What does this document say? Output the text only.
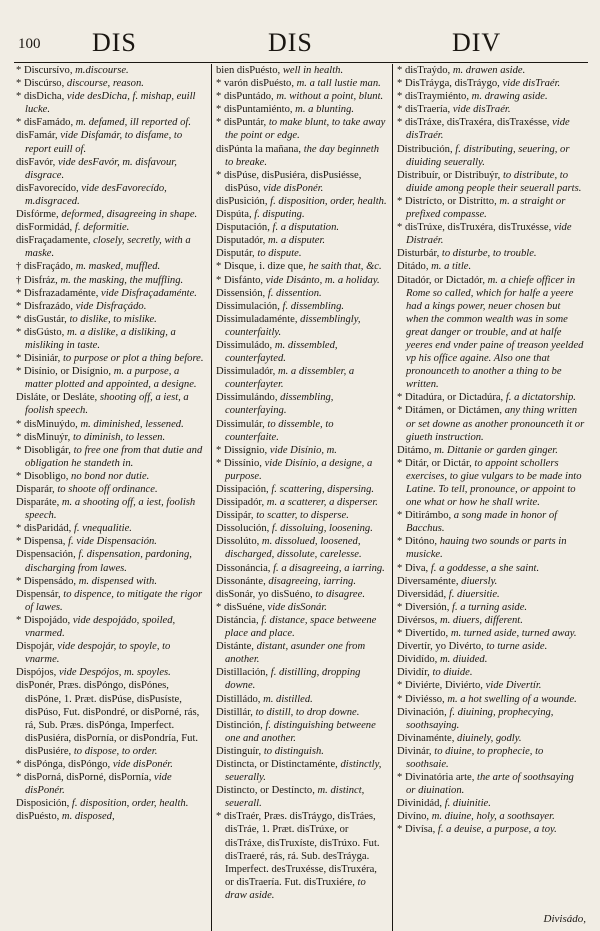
100 DIS	DIS	DIV

* Discursívo, m.discourse.

* Discúrso, discourse, reason.

* disDicha, vide desDicha, f. mishap, euill lucke.

* disFamádo, m. defamed, ill reported of.

disFamár, vide Disfamár, to disfame, to report euill of.

disFavór, vide desFavór, m. disfavour, disgrace.

disFavorecído, vide desFavorecído, m.disgraced.

Disfórme, deformed, disagreeing in shape.

disFormidád, f. deformitie.

disFraçadamente, closely, secretly, with a maske.

† disFraçádo, m. masked, muffled.

† Disfráz, m. the masking, the muffling.

* Disfrazadaménte, vide Disfraçadaménte.

* Disfrazádo, vide Disfraçádo.

* disGustár, to dislike, to mislike.

* disGústo, m. a dislike, a disliking, a misliking in taste.

* Disiniár, to purpose or plot a thing before.

* Disínio, or Disígnio, m. a purpose, a matter plotted and appointed, a designe.

Disláte, or Desláte, shooting off, a iest, a foolish speech.

* disMinuýdo, m. diminished, lessened.

* disMinuýr, to diminish, to lessen.

* Disobligár, to free one from that dutie and obligation he standeth in.

* Disobligo, no bond nor dutie.

Disparár, to shoote off ordinance.

Disparáte, m. a shooting off, a iest, foolish speech.

* disParidád, f. vnequalitie.

* Dispensa, f. vide Dispensación.

Dispensación, f. dispensation, pardoning, discharging from lawes.

* Dispensádo, m. dispensed with.

Dispensár, to dispence, to mitigate the rigor of lawes.

* Dispojádo, vide despojádo, spoiled, vnarmed.

Dispojár, vide despojár, to spoyle, to vnarme.

Dispójos, vide Despójos, m. spoyles.

disPonér, Præs. disPóngo, disPónes, disPóne, 1. Præt. disPúse, disPusíste, disPúso, Fut. disPondré, or disPorné, rás, rá, Sub. Præs. disPónga, Imperfect. disPusiéra, disPornía, or disPondría, Fut. disPusiére, to dispose, to order.

* disPónga, disPóngo, vide disPonér.

* disPorná, disPorné, disPornía, vide disPonér.

Disposición, f. disposition, order, health.

disPuésto, m. disposed,

bien disPuésto, well in health.

* varón disPuésto, m. a tall lustie man.

* disPuntádo, m. without a point, blunt.

* disPuntamiénto, m. a blunting.

* disPuntár, to make blunt, to take away the point or edge.

disPúnta la mañana, the day beginneth to breake.

* disPúse, disPusiéra, disPusiésse, disPúso, vide disPonér.

disPusición, f. disposition, order, health.

Dispúta, f. disputing.

Disputación, f. a disputation.

Disputadór, m. a disputer.

Disputár, to dispute.

* Disque, i. dize que, he saith that, &c.

* Disfánto, vide Disánto, m. a holiday.

Dissensión, f. dissention.

Dissimulación, f. dissembling.

Dissimuladaménte, dissemblingly, counterfaitly.

Dissimuládo, m. dissembled, counterfayted.

Dissimuladór, m. a dissembler, a counterfayter.

Dissimulándo, dissembling, counterfaying.

Dissimulár, to dissemble, to counterfaite.

* Dissígnio, vide Disínio, m.

* Dissínio, vide Disínio, a designe, a purpose.

Dissipación, f. scattering, dispersing.

Dissipadór, m. a scatterer, a disperser.

Dissipár, to scatter, to disperse.

Dissolución, f. dissoluing, loosening.

Dissolúto, m. dissolued, loosened, discharged, dissolute, carelesse.

Dissonáncia, f. a disagreeing, a iarring.

Dissonánte, disagreeing, iarring.

disSonár, yo disSuéno, to disagree.

* disSuéne, vide disSonár.

Distáncia, f. distance, space betweene place and place.

Distánte, distant, asunder one from another.

Distillación, f. distilling, dropping downe.

Distilládo, m. distilled.

Distillár, to distill, to drop downe.

Distinción, f. distinguishing betweene one and another.

Distinguír, to distinguish.

Distincta, or Distinctaménte, distinctly, seuerally.

Distincto, or Destíncto, m. distinct, seuerall.

* disTraér, Præs. disTráygo, disTráes, disTráe, 1. Præt. disTrúxe, or disTráxe, disTruxíste, disTrúxo. Fut. disTraeré, rás, rá. Sub. desTráyga. Imperfect. desTruxésse, disTruxéra, or disTraería. Fut. disTruxiére, to draw aside.

* disTraýdo, m. drawen aside.

* DisTráyga, disTráygo, vide disTraér.

* disTraymiénto, m. drawing aside.

* disTraería, vide disTraér.

* disTráxe, disTraxéra, disTraxésse, vide disTraér.

Distribución, f. distributing, seuering, or diuiding seuerally.

Distribuír, or Distribuýr, to distribute, to diuide among people their seuerall parts.

* Distrícto, or Distrítto, m. a straight or prefixed compasse.

* disTrúxe, disTruxéra, disTruxésse, vide Distraér.

Disturbár, to disturbe, to trouble.

Ditádo, m. a title.

Ditadór, or Dictadór, m. a chiefe officer in Rome so called, which for halfe a yeere had a kings power, neuer chosen but when the common wealth was in some great danger or trouble, and at halfe yeeres end vnder paine of treason yeelded vp his office againe. Also one that pronounceth to another a thing to be written.

* Ditadúra, or Dictadúra, f. a dictatorship.

* Ditámen, or Dictámen, any thing written or set downe as another pronounceth it or giueth instruction.

Ditámo, m. Dittanie or garden ginger.

* Ditár, or Dictár, to appoint schollers exercises, to giue vulgars to be made into Latine. To tell, pronounce, or appoint to one what or how he shall write.

* Ditirámbo, a song made in honor of Bacchus.

* Ditóno, hauing two sounds or parts in musicke.

* Diva, f. a goddesse, a she saint.

Diversaménte, diuersly.

Diversidád, f. diuersitie.

* Diversión, f. a turning aside.

Divérsos, m. diuers, different.

* Divertído, m. turned aside, turned away.

Divertír, yo Divérto, to turne aside.

Dividído, m. diuided.

Dividír, to diuide.

* Diviérte, Diviérto, vide Divertír.

* Diviésso, m. a hot swelling of a wounde.

Divinación, f. diuining, prophecying, soothsaying.

Divinaménte, diuinely, godly.

Divinár, to diuine, to prophecie, to soothsaie.

* Divinatória arte, the arte of soothsaying or diuination.

Divinidád, f. diuinitie.

Divíno, m. diuine, holy, a soothsayer.

* Divísa, f. a deuise, a purpose, a toy.

Divisádo,
